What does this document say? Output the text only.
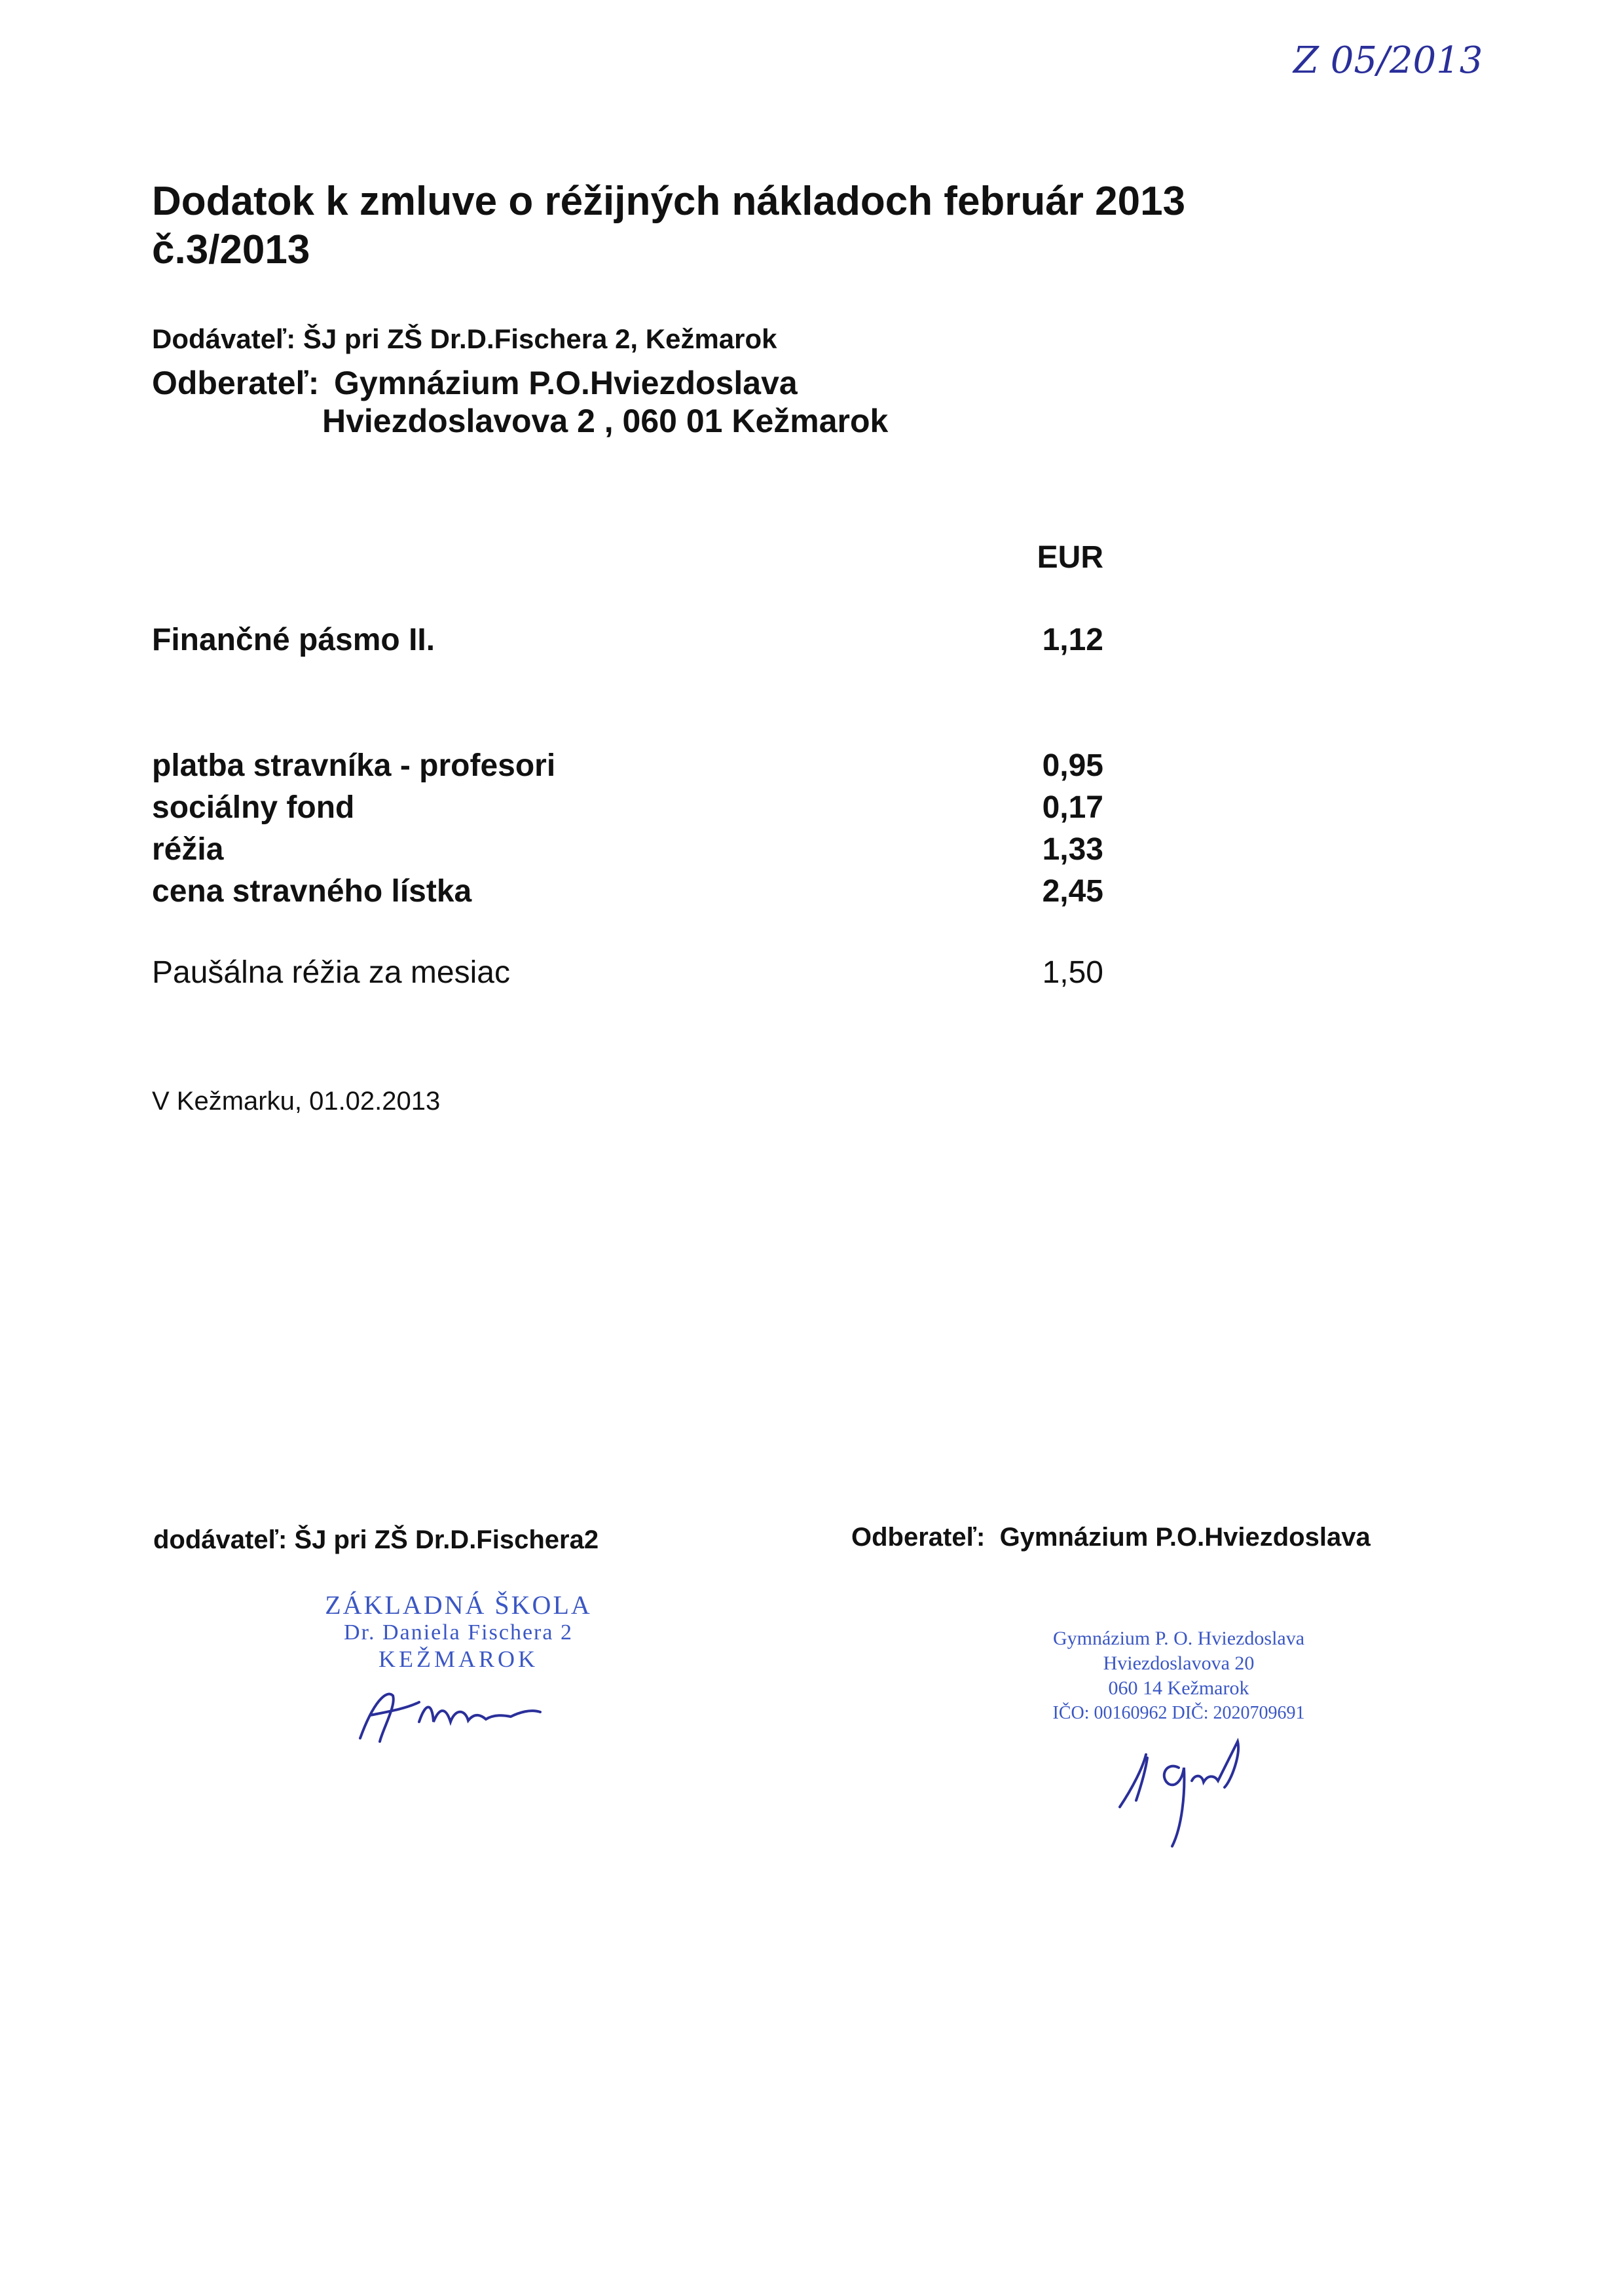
Z 05/2013
Dodatok k zmluve o réžijných nákladoch február 2013
č.3/2013
Dodávateľ: ŠJ pri ZŠ Dr.D.Fischera 2, Kežmarok
Odberateľ: Gymnázium P.O.Hviezdoslava
Hviezdoslavova 2 , 060 01 Kežmarok
EUR
Finančné pásmo II.	1,12
platba stravníka - profesori	0,95
sociálny fond	0,17
réžia	1,33
cena stravného lístka	2,45
Paušálna réžia za mesiac	1,50
V Kežmarku, 01.02.2013
dodávateľ: ŠJ pri ZŠ Dr.D.Fischera2	Odberateľ:  Gymnázium P.O.Hviezdoslava
ZÁKLADNÁ ŠKOLA
Dr. Daniela Fischera 2
KEŽMAROK
Gymnázium P. O. Hviezdoslava
Hviezdoslavova 20
060 14 Kežmarok
IČO: 00160962 DIČ: 2020709691
